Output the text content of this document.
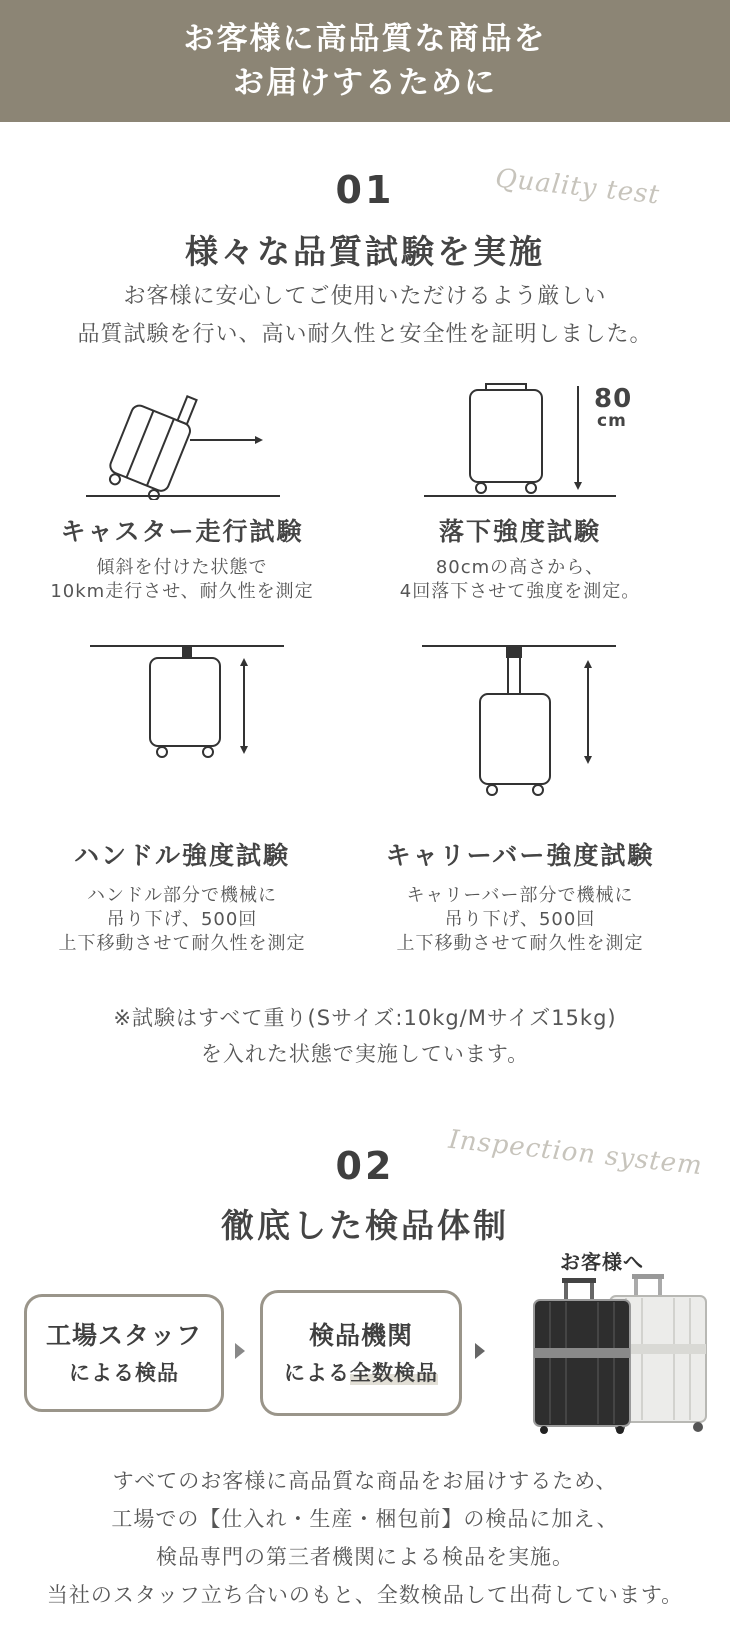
お客様に高品質な商品を
お届けするために
01	Quality test
様々な品質試験を実施
お客様に安心してご使用いただけるよう厳しい
品質試験を行い、高い耐久性と安全性を証明しました。
キャスター走行試験
傾斜を付けた状態で
10km走行させ、耐久性を測定
80
cm
落下強度試験
80cmの高さから、
4回落下させて強度を測定。
ハンドル強度試験
ハンドル部分で機械に
吊り下げ、500回
上下移動させて耐久性を測定
キャリーバー強度試験
キャリーバー部分で機械に
吊り下げ、500回
上下移動させて耐久性を測定
※試験はすべて重り(Sサイズ:10kg/Mサイズ15kg)
を入れた状態で実施しています。
02	Inspection system
徹底した検品体制
工場スタッフ
による検品
検品機関
による全数検品
お客様へ
すべてのお客様に高品質な商品をお届けするため、
工場での【仕入れ・生産・梱包前】の検品に加え、
検品専門の第三者機関による検品を実施。
当社のスタッフ立ち合いのもと、全数検品して出荷しています。
